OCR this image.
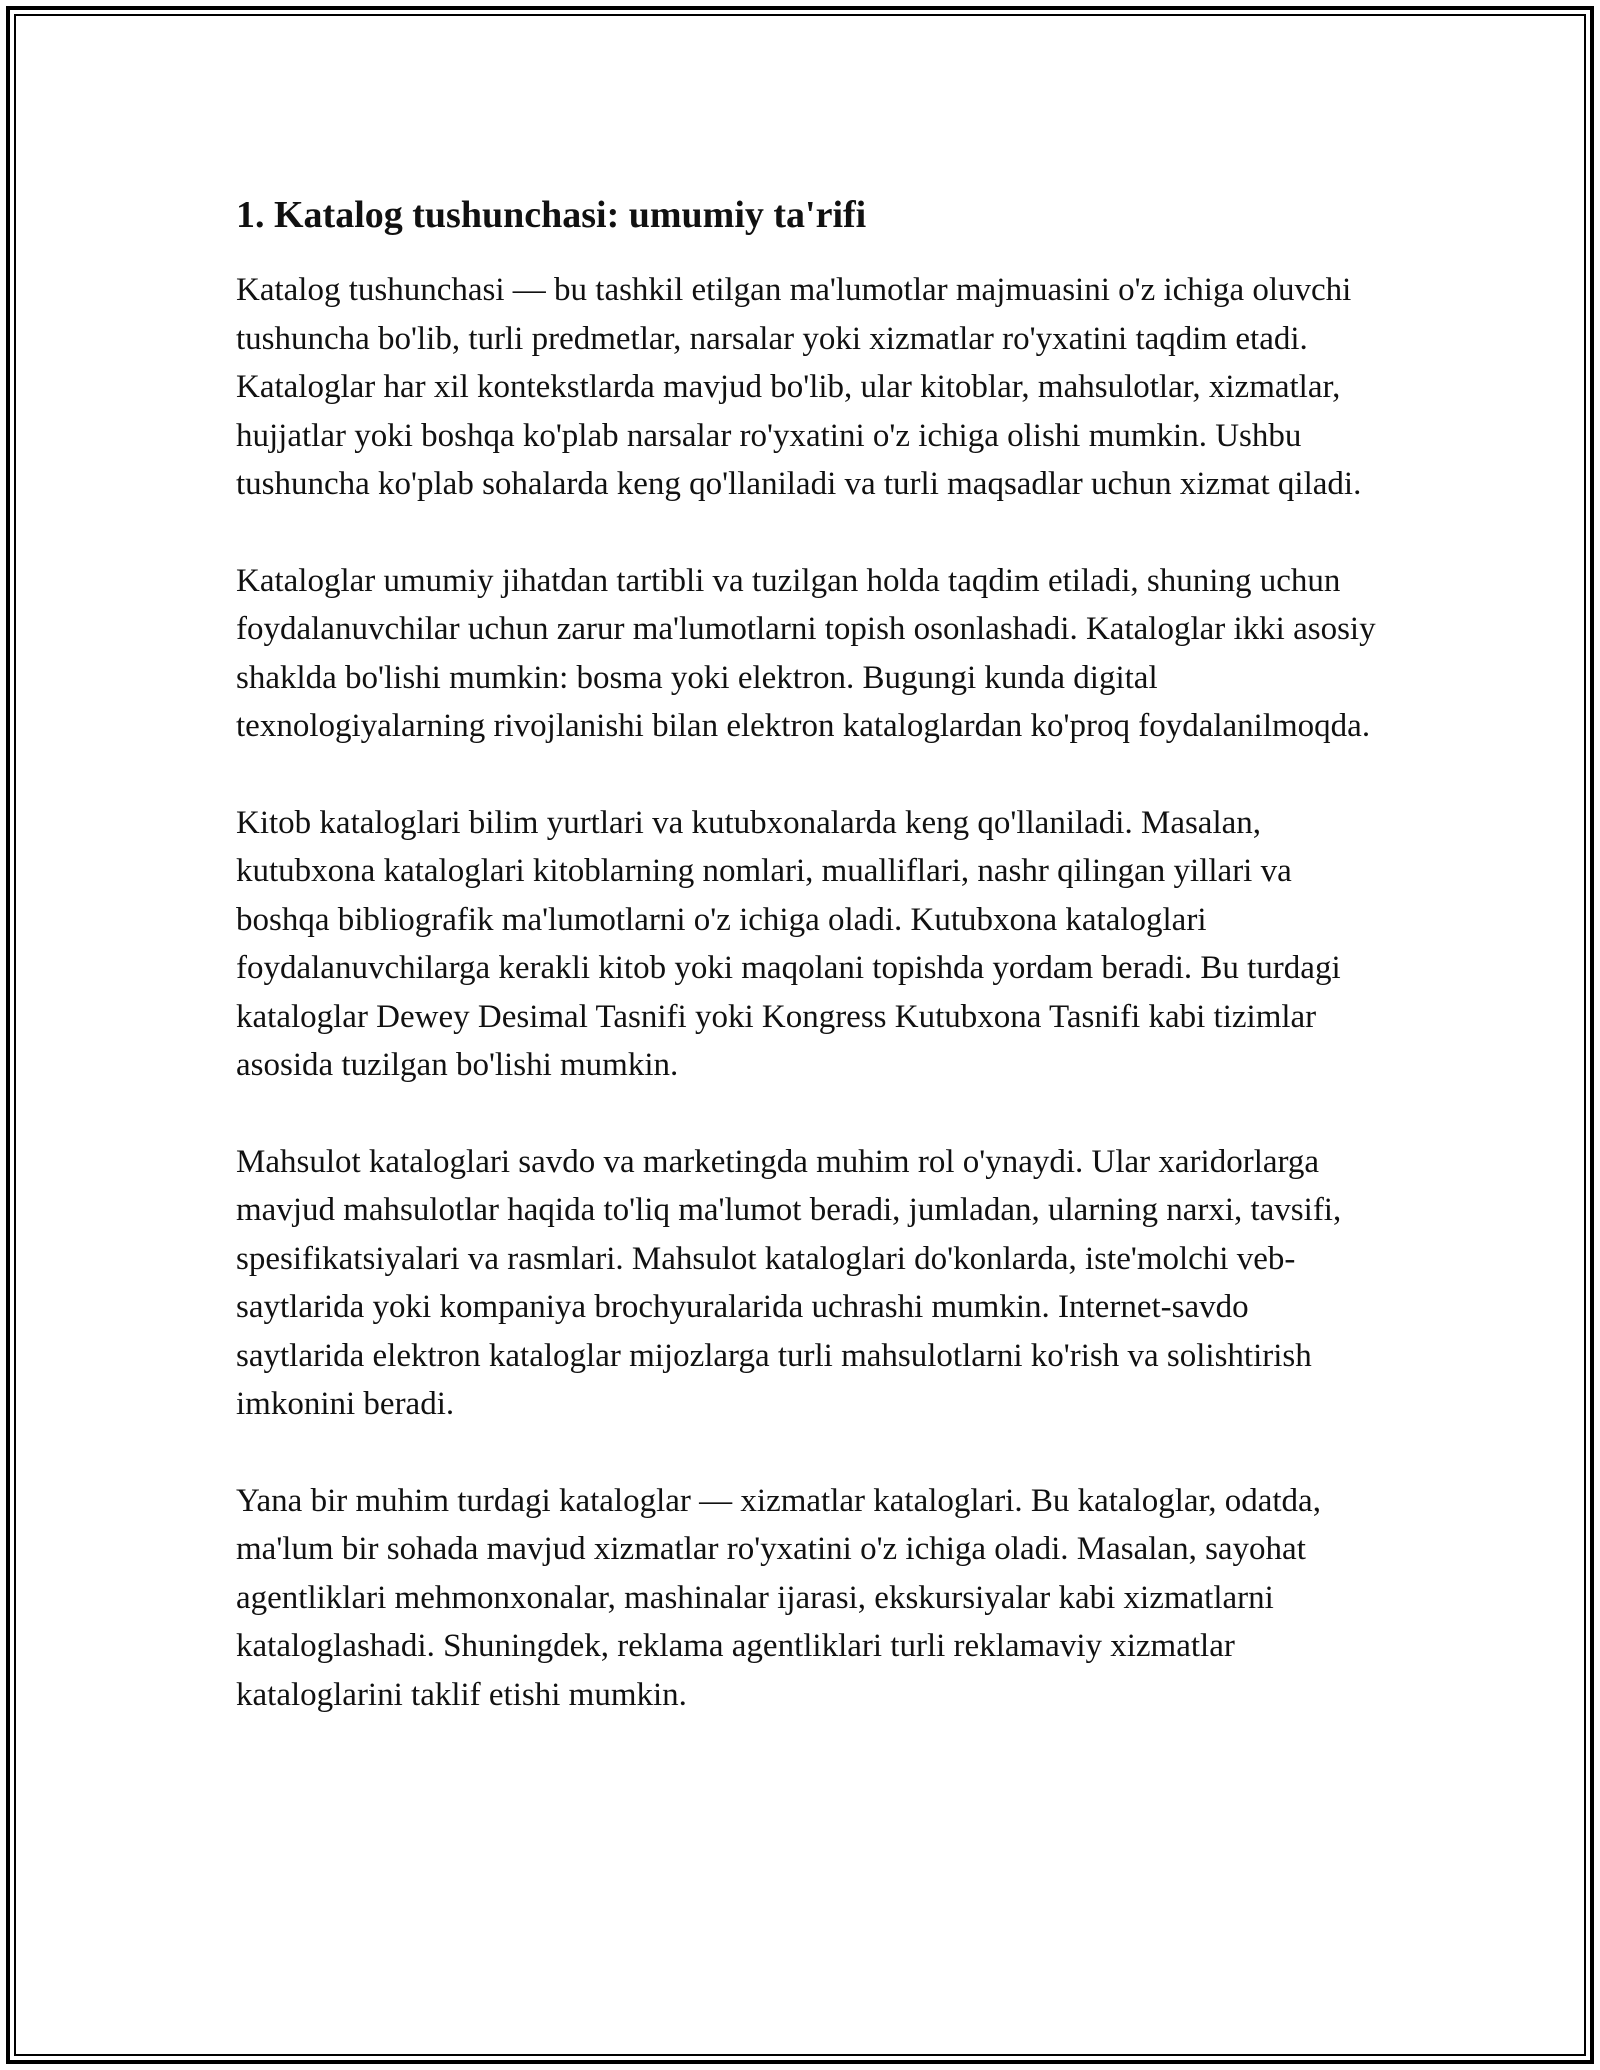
1. Katalog tushunchasi: umumiy ta'rifi

Katalog tushunchasi — bu tashkil etilgan ma'lumotlar majmuasini o'z ichiga oluvchi tushuncha bo'lib, turli predmetlar, narsalar yoki xizmatlar ro'yxatini taqdim etadi. Kataloglar har xil kontekstlarda mavjud bo'lib, ular kitoblar, mahsulotlar, xizmatlar, hujjatlar yoki boshqa ko'plab narsalar ro'yxatini o'z ichiga olishi mumkin. Ushbu tushuncha ko'plab sohalarda keng qo'llaniladi va turli maqsadlar uchun xizmat qiladi.

Kataloglar umumiy jihatdan tartibli va tuzilgan holda taqdim etiladi, shuning uchun foydalanuvchilar uchun zarur ma'lumotlarni topish osonlashadi. Kataloglar ikki asosiy shaklda bo'lishi mumkin: bosma yoki elektron. Bugungi kunda digital texnologiyalarning rivojlanishi bilan elektron kataloglardan ko'proq foydalanilmoqda.

Kitob kataloglari bilim yurtlari va kutubxonalarda keng qo'llaniladi. Masalan, kutubxona kataloglari kitoblarning nomlari, mualliflari, nashr qilingan yillari va boshqa bibliografik ma'lumotlarni o'z ichiga oladi. Kutubxona kataloglari foydalanuvchilarga kerakli kitob yoki maqolani topishda yordam beradi. Bu turdagi kataloglar Dewey Desimal Tasnifi yoki Kongress Kutubxona Tasnifi kabi tizimlar asosida tuzilgan bo'lishi mumkin.

Mahsulot kataloglari savdo va marketingda muhim rol o'ynaydi. Ular xaridorlarga mavjud mahsulotlar haqida to'liq ma'lumot beradi, jumladan, ularning narxi, tavsifi, spesifikatsiyalari va rasmlari. Mahsulot kataloglari do'konlarda, iste'molchi veb-saytlarida yoki kompaniya brochyuralarida uchrashi mumkin. Internet-savdo saytlarida elektron kataloglar mijozlarga turli mahsulotlarni ko'rish va solishtirish imkonini beradi.

Yana bir muhim turdagi kataloglar — xizmatlar kataloglari. Bu kataloglar, odatda, ma'lum bir sohada mavjud xizmatlar ro'yxatini o'z ichiga oladi. Masalan, sayohat agentliklari mehmonxonalar, mashinalar ijarasi, ekskursiyalar kabi xizmatlarni kataloglashadi. Shuningdek, reklama agentliklari turli reklamaviy xizmatlar kataloglarini taklif etishi mumkin.
